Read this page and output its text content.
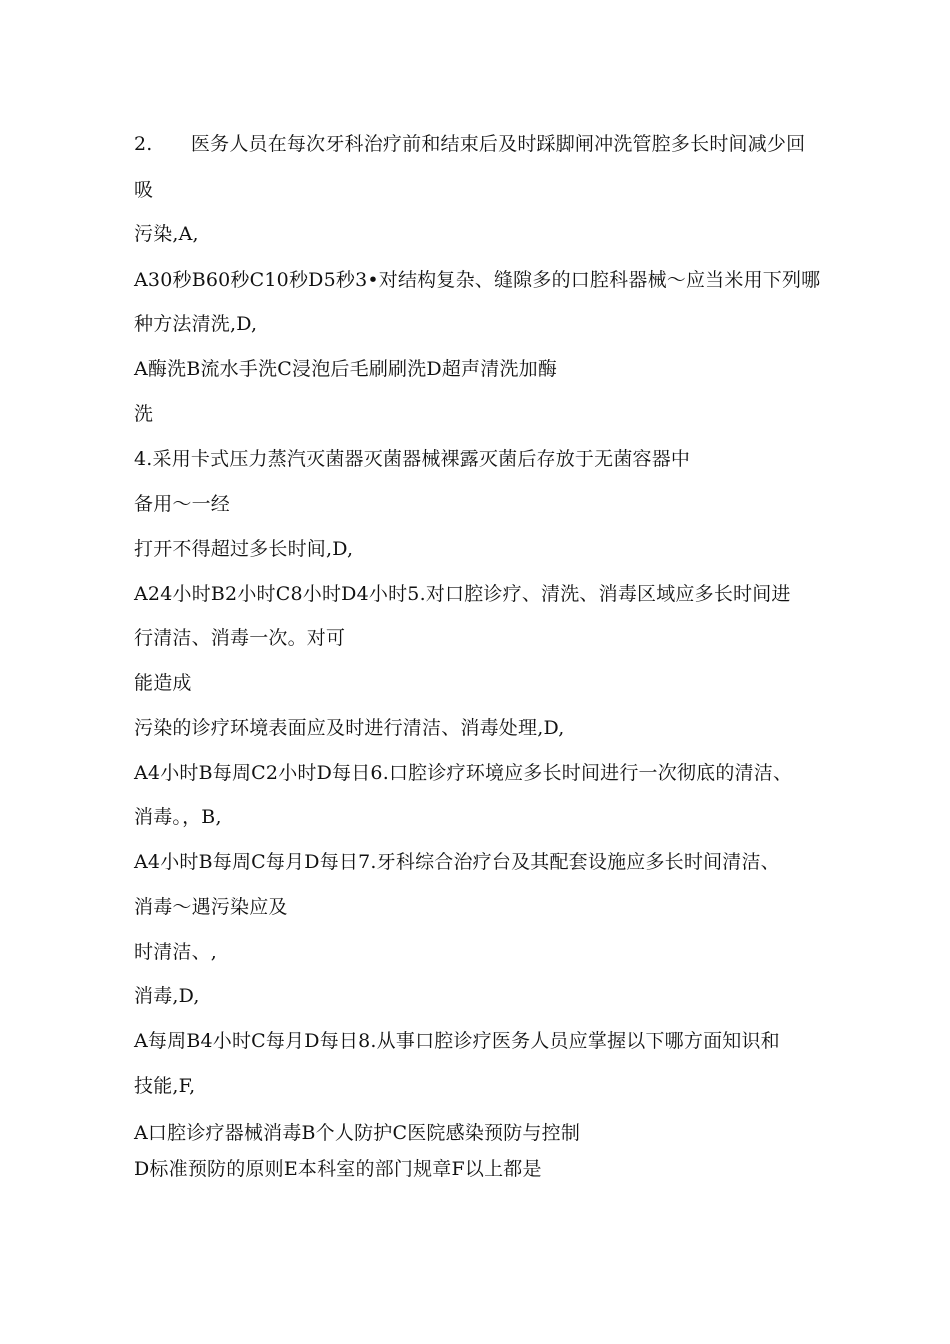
2.  医务人员在每次牙科治疗前和结束后及时踩脚闸冲洗管腔多长时间减少回
吸
污染,A,
A30秒B60秒C10秒D5秒3•对结构复杂、缝隙多的口腔科器械〜应当米用下列哪
种方法清洗,D,
A酶洗B流水手洗C浸泡后毛刷刷洗D超声清洗加酶
洗
4.采用卡式压力蒸汽灭菌器灭菌器械裸露灭菌后存放于无菌容器中
备用〜一经
打开不得超过多长时间,D,
A24小时B2小时C8小时D4小时5.对口腔诊疗、清洗、消毒区域应多长时间进
行清洁、消毒一次。对可
能造成
污染的诊疗环境表面应及时进行清洁、消毒处理,D,
A4小时B每周C2小时D每日6.口腔诊疗环境应多长时间进行一次彻底的清洁、
消毒。，B,
A4小时B每周C每月D每日7.牙科综合治疗台及其配套设施应多长时间清洁、
消毒〜遇污染应及
时清洁、,
消毒,D,
A每周B4小时C每月D每日8.从事口腔诊疗医务人员应掌握以下哪方面知识和
技能,F,
A口腔诊疗器械消毒B个人防护C医院感染预防与控制
D标准预防的原则E本科室的部门规章F以上都是
